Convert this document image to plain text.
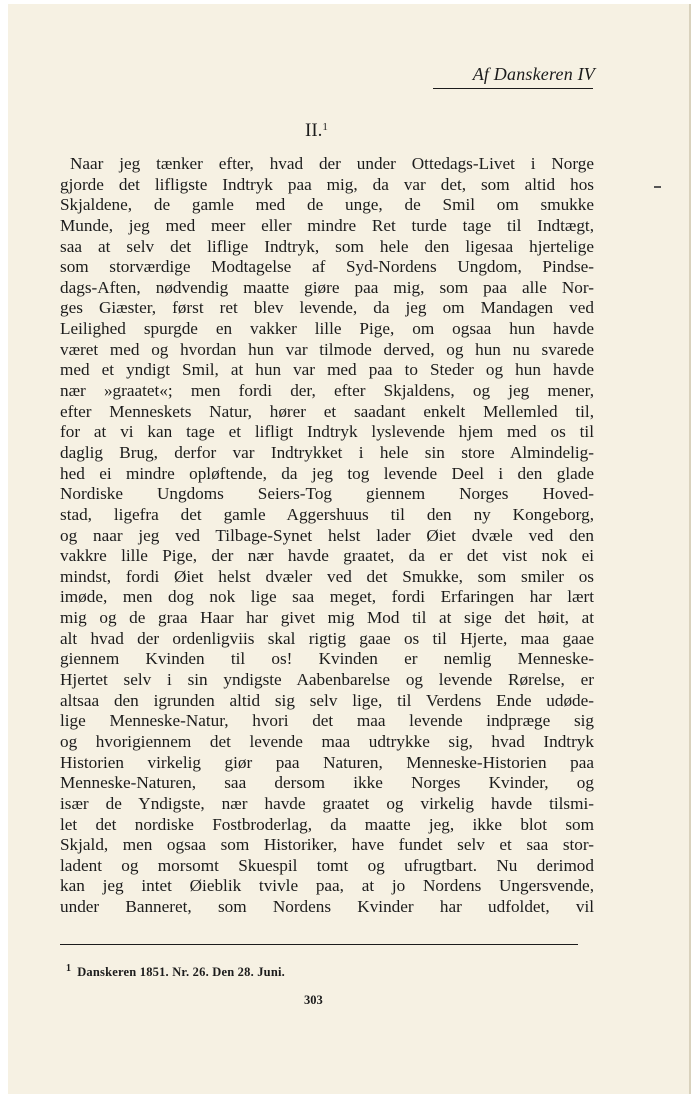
Af Danskeren IV
II.$^1$
Naar jeg tænker efter, hvad der under Ottedags-Livet i Norge
gjorde det lifligste Indtryk paa mig, da var det, som altid hos
Skjaldene, de gamle med de unge, de Smil om smukke
Munde, jeg med meer eller mindre Ret turde tage til Indtægt,
saa at selv det liflige Indtryk, som hele den ligesaa hjertelige
som storværdige Modtagelse af Syd-Nordens Ungdom, Pindse-
dags-Aften, nødvendig maatte giøre paa mig, som paa alle Nor-
ges Giæster, først ret blev levende, da jeg om Mandagen ved
Leilighed spurgde en vakker lille Pige, om ogsaa hun havde
været med og hvordan hun var tilmode derved, og hun nu svarede
med et yndigt Smil, at hun var med paa to Steder og hun havde
nær »graatet«; men fordi der, efter Skjaldens, og jeg mener,
efter Menneskets Natur, hører et saadant enkelt Mellemled til,
for at vi kan tage et lifligt Indtryk lyslevende hjem med os til
daglig Brug, derfor var Indtrykket i hele sin store Almindelig-
hed ei mindre opløftende, da jeg tog levende Deel i den glade
Nordiske Ungdoms Seiers-Tog giennem Norges Hoved-
stad, ligefra det gamle Aggershuus til den ny Kongeborg,
og naar jeg ved Tilbage-Synet helst lader Øiet dvæle ved den
vakkre lille Pige, der nær havde graatet, da er det vist nok ei
mindst, fordi Øiet helst dvæler ved det Smukke, som smiler os
imøde, men dog nok lige saa meget, fordi Erfaringen har lært
mig og de graa Haar har givet mig Mod til at sige det høit, at
alt hvad der ordenligviis skal rigtig gaae os til Hjerte, maa gaae
giennem Kvinden til os! Kvinden er nemlig Menneske-
Hjertet selv i sin yndigste Aabenbarelse og levende Rørelse, er
altsaa den igrunden altid sig selv lige, til Verdens Ende udøde-
lige Menneske-Natur, hvori det maa levende indpræge sig
og hvorigiennem det levende maa udtrykke sig, hvad Indtryk
Historien virkelig giør paa Naturen, Menneske-Historien paa
Menneske-Naturen, saa dersom ikke Norges Kvinder, og
især de Yndigste, nær havde graatet og virkelig havde tilsmi-
let det nordiske Fostbroderlag, da maatte jeg, ikke blot som
Skjald, men ogsaa som Historiker, have fundet selv et saa stor-
ladent og morsomt Skuespil tomt og ufrugtbart. Nu derimod
kan jeg intet Øieblik tvivle paa, at jo Nordens Ungersvende,
under Banneret, som Nordens Kvinder har udfoldet, vil
$^1$ Danskeren 1851. Nr. 26. Den 28. Juni.
303
